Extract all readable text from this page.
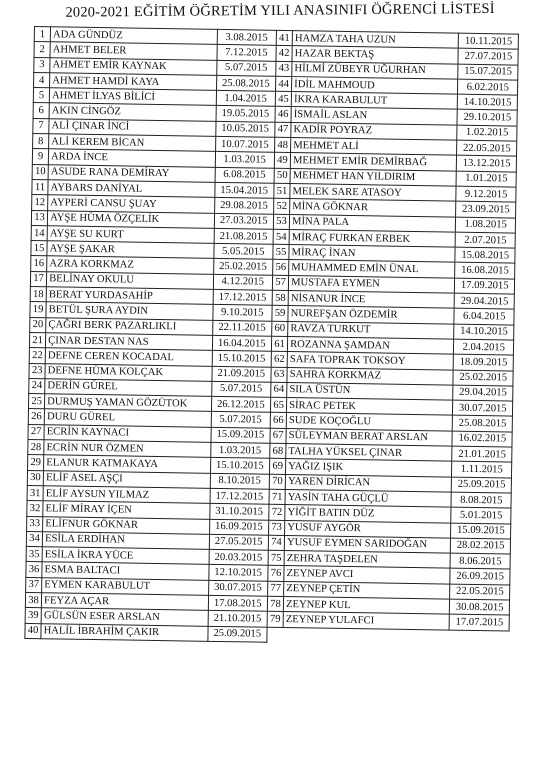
2020-2021 EĞİTİM ÖĞRETİM YILI ANASINIFI ÖĞRENCİ LİSTESİ
1	ADA GÜNDÜZ	3.08.2015	41	HAMZA TAHA UZUN	10.11.2015
2	AHMET BELER	7.12.2015	42	HAZAR BEKTAŞ	27.07.2015
3	AHMET EMİR KAYNAK	5.07.2015	43	HİLMİ ZÜBEYR UĞURHAN	15.07.2015
4	AHMET HAMDİ KAYA	25.08.2015	44	İDİL MAHMOUD	6.02.2015
5	AHMET İLYAS BİLİCİ	1.04.2015	45	İKRA KARABULUT	14.10.2015
6	AKIN CİNGÖZ	19.05.2015	46	İSMAİL ASLAN	29.10.2015
7	ALİ ÇINAR İNCİ	10.05.2015	47	KADİR POYRAZ	1.02.2015
8	ALİ KEREM BİCAN	10.07.2015	48	MEHMET ALİ	22.05.2015
9	ARDA İNCE	1.03.2015	49	MEHMET EMİR DEMİRBAĞ	13.12.2015
10	ASUDE RANA DEMİRAY	6.08.2015	50	MEHMET HAN YILDIRIM	1.01.2015
11	AYBARS DANİYAL	15.04.2015	51	MELEK SARE ATASOY	9.12.2015
12	AYPERİ CANSU ŞUAY	29.08.2015	52	MİNA GÖKNAR	23.09.2015
13	AYŞE HÜMA ÖZÇELİK	27.03.2015	53	MİNA PALA	1.08.2015
14	AYŞE SU KURT	21.08.2015	54	MİRAÇ FURKAN ERBEK	2.07.2015
15	AYŞE ŞAKAR	5.05.2015	55	MİRAÇ İNAN	15.08.2015
16	AZRA KORKMAZ	25.02.2015	56	MUHAMMED EMİN ÜNAL	16.08.2015
17	BELİNAY OKULU	4.12.2015	57	MUSTAFA EYMEN	17.09.2015
18	BERAT YURDASAHİP	17.12.2015	58	NİSANUR İNCE	29.04.2015
19	BETÜL ŞURA AYDIN	9.10.2015	59	NUREFŞAN ÖZDEMİR	6.04.2015
20	ÇAĞRI BERK PAZARLIKLI	22.11.2015	60	RAVZA TURKUT	14.10.2015
21	ÇINAR DESTAN NAS	16.04.2015	61	ROZANNA ŞAMDAN	2.04.2015
22	DEFNE CEREN KOCADAL	15.10.2015	62	SAFA TOPRAK TOKSOY	18.09.2015
23	DEFNE HÜMA KOLÇAK	21.09.2015	63	SAHRA KORKMAZ	25.02.2015
24	DERİN GÜREL	5.07.2015	64	SILA ÜSTÜN	29.04.2015
25	DURMUŞ YAMAN GÖZÜTOK	26.12.2015	65	SİRAC PETEK	30.07.2015
26	DURU GÜREL	5.07.2015	66	SUDE KOÇOĞLU	25.08.2015
27	ECRİN KAYNACI	15.09.2015	67	SÜLEYMAN BERAT ARSLAN	16.02.2015
28	ECRİN NUR ÖZMEN	1.03.2015	68	TALHA YÜKSEL ÇINAR	21.01.2015
29	ELANUR KATMAKAYA	15.10.2015	69	YAĞIZ IŞIK	1.11.2015
30	ELİF ASEL AŞÇI	8.10.2015	70	YAREN DİRİCAN	25.09.2015
31	ELİF AYSUN YILMAZ	17.12.2015	71	YASİN TAHA GÜÇLÜ	8.08.2015
32	ELİF MİRAY İÇEN	31.10.2015	72	YİĞİT BATIN DÜZ	5.01.2015
33	ELİFNUR GÖKNAR	16.09.2015	73	YUSUF AYGÖR	15.09.2015
34	ESİLA ERDİHAN	27.05.2015	74	YUSUF EYMEN SARIDOĞAN	28.02.2015
35	ESİLA İKRA YÜCE	20.03.2015	75	ZEHRA TAŞDELEN	8.06.2015
36	ESMA BALTACI	12.10.2015	76	ZEYNEP AVCI	26.09.2015
37	EYMEN KARABULUT	30.07.2015	77	ZEYNEP ÇETİN	22.05.2015
38	FEYZA AÇAR	17.08.2015	78	ZEYNEP KUL	30.08.2015
39	GÜLSÜN ESER ARSLAN	21.10.2015	79	ZEYNEP YULAFCI	17.07.2015
40	HALİL İBRAHİM ÇAKIR	25.09.2015			
